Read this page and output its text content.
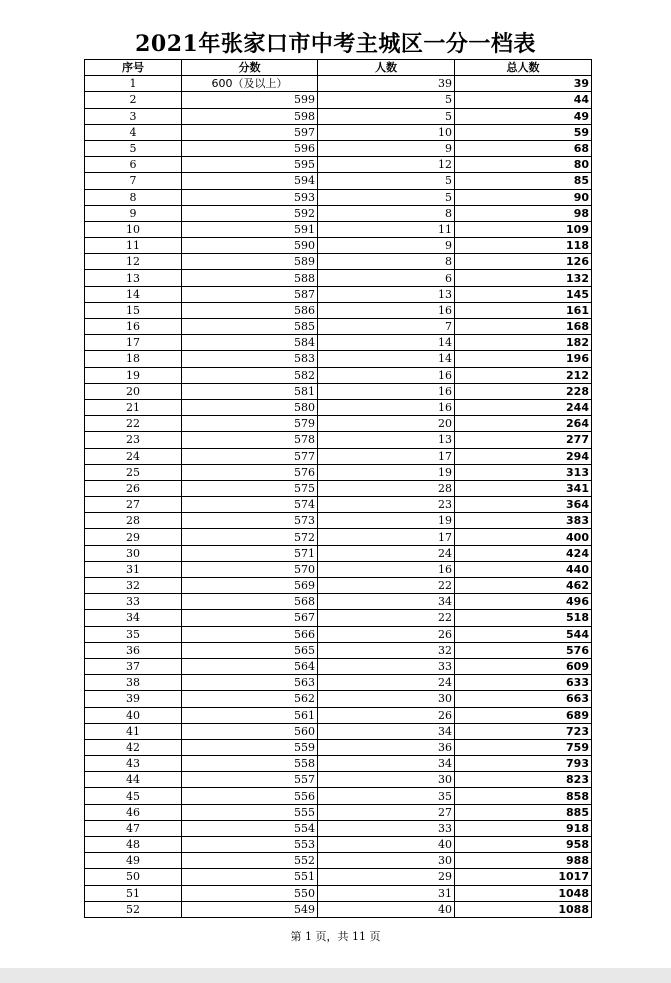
2021年张家口市中考主城区一分一档表
序号	分数	人数	总人数
1	600（及以上）	39	39
2	599	5	44
3	598	5	49
4	597	10	59
5	596	9	68
6	595	12	80
7	594	5	85
8	593	5	90
9	592	8	98
10	591	11	109
11	590	9	118
12	589	8	126
13	588	6	132
14	587	13	145
15	586	16	161
16	585	7	168
17	584	14	182
18	583	14	196
19	582	16	212
20	581	16	228
21	580	16	244
22	579	20	264
23	578	13	277
24	577	17	294
25	576	19	313
26	575	28	341
27	574	23	364
28	573	19	383
29	572	17	400
30	571	24	424
31	570	16	440
32	569	22	462
33	568	34	496
34	567	22	518
35	566	26	544
36	565	32	576
37	564	33	609
38	563	24	633
39	562	30	663
40	561	26	689
41	560	34	723
42	559	36	759
43	558	34	793
44	557	30	823
45	556	35	858
46	555	27	885
47	554	33	918
48	553	40	958
49	552	30	988
50	551	29	1017
51	550	31	1048
52	549	40	1088
第 1 页，共 11 页
